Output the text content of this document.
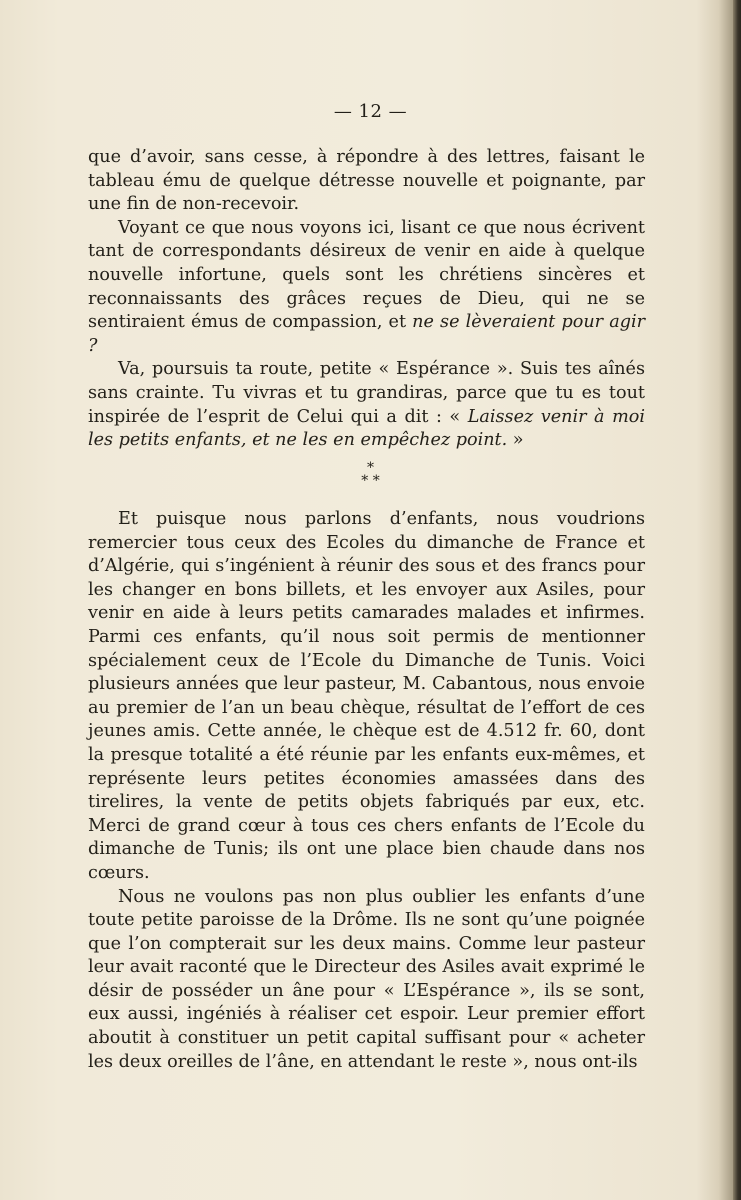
— 12 —

que d’avoir, sans cesse, à répondre à des lettres, faisant le tableau ému de quelque détresse nouvelle et poignante, par une fin de non-recevoir.

Voyant ce que nous voyons ici, lisant ce que nous écrivent tant de correspondants désireux de venir en aide à quelque nouvelle infortune, quels sont les chrétiens sincères et reconnaissants des grâces reçues de Dieu, qui ne se sentiraient émus de compassion, et ne se lèveraient pour agir ?

Va, poursuis ta route, petite « Espérance ». Suis tes aînés sans crainte. Tu vivras et tu grandiras, parce que tu es tout inspirée de l’esprit de Celui qui a dit : « Laissez venir à moi les petits enfants, et ne les en empêchez point. »

*
* *

Et puisque nous parlons d’enfants, nous voudrions remercier tous ceux des Ecoles du dimanche de France et d’Algérie, qui s’ingénient à réunir des sous et des francs pour les changer en bons billets, et les envoyer aux Asiles, pour venir en aide à leurs petits camarades malades et infirmes. Parmi ces enfants, qu’il nous soit permis de mentionner spécialement ceux de l’Ecole du Dimanche de Tunis. Voici plusieurs années que leur pasteur, M. Cabantous, nous envoie au premier de l’an un beau chèque, résultat de l’effort de ces jeunes amis. Cette année, le chèque est de 4.512 fr. 60, dont la presque totalité a été réunie par les enfants eux-mêmes, et représente leurs petites économies amassées dans des tirelires, la vente de petits objets fabriqués par eux, etc. Merci de grand cœur à tous ces chers enfants de l’Ecole du dimanche de Tunis; ils ont une place bien chaude dans nos cœurs.

Nous ne voulons pas non plus oublier les enfants d’une toute petite paroisse de la Drôme. Ils ne sont qu’une poignée que l’on compterait sur les deux mains. Comme leur pasteur leur avait raconté que le Directeur des Asiles avait exprimé le désir de posséder un âne pour « L’Espérance », ils se sont, eux aussi, ingéniés à réaliser cet espoir. Leur premier effort aboutit à constituer un petit capital suffisant pour « acheter les deux oreilles de l’âne, en attendant le reste », nous ont-ils
